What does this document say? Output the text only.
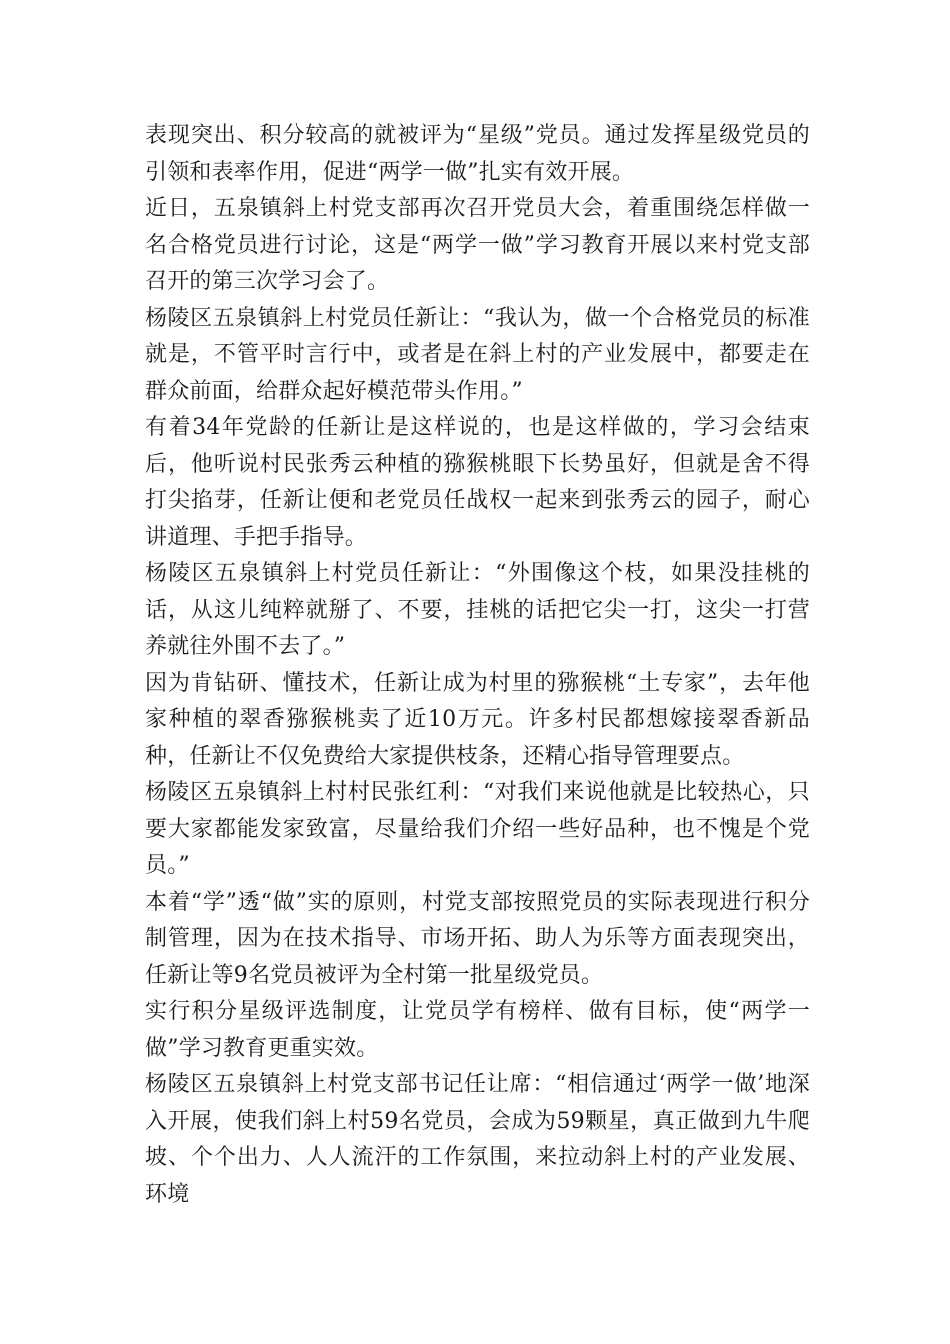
表现突出、积分较高的就被评为“星级”党员。通过发挥星级党员的引领和表率作用，促进“两学一做”扎实有效开展。

近日，五泉镇斜上村党支部再次召开党员大会，着重围绕怎样做一名合格党员进行讨论，这是“两学一做”学习教育开展以来村党支部召开的第三次学习会了。

杨陵区五泉镇斜上村党员任新让：“我认为，做一个合格党员的标准就是，不管平时言行中，或者是在斜上村的产业发展中，都要走在群众前面，给群众起好模范带头作用。”

有着34年党龄的任新让是这样说的，也是这样做的，学习会结束后，他听说村民张秀云种植的猕猴桃眼下长势虽好，但就是舍不得打尖掐芽，任新让便和老党员任战权一起来到张秀云的园子，耐心讲道理、手把手指导。

杨陵区五泉镇斜上村党员任新让：“外围像这个枝，如果没挂桃的话，从这儿纯粹就掰了、不要，挂桃的话把它尖一打，这尖一打营养就往外围不去了。”

因为肯钻研、懂技术，任新让成为村里的猕猴桃“土专家”，去年他家种植的翠香猕猴桃卖了近10万元。许多村民都想嫁接翠香新品种，任新让不仅免费给大家提供枝条，还精心指导管理要点。

杨陵区五泉镇斜上村村民张红利：“对我们来说他就是比较热心，只要大家都能发家致富，尽量给我们介绍一些好品种，也不愧是个党员。”

本着“学”透“做”实的原则，村党支部按照党员的实际表现进行积分制管理，因为在技术指导、市场开拓、助人为乐等方面表现突出，任新让等9名党员被评为全村第一批星级党员。

实行积分星级评选制度，让党员学有榜样、做有目标，使“两学一做”学习教育更重实效。

杨陵区五泉镇斜上村党支部书记任让席：“相信通过‘两学一做’地深入开展，使我们斜上村59名党员，会成为59颗星，真正做到九牛爬坡、个个出力、人人流汗的工作氛围，来拉动斜上村的产业发展、环境
